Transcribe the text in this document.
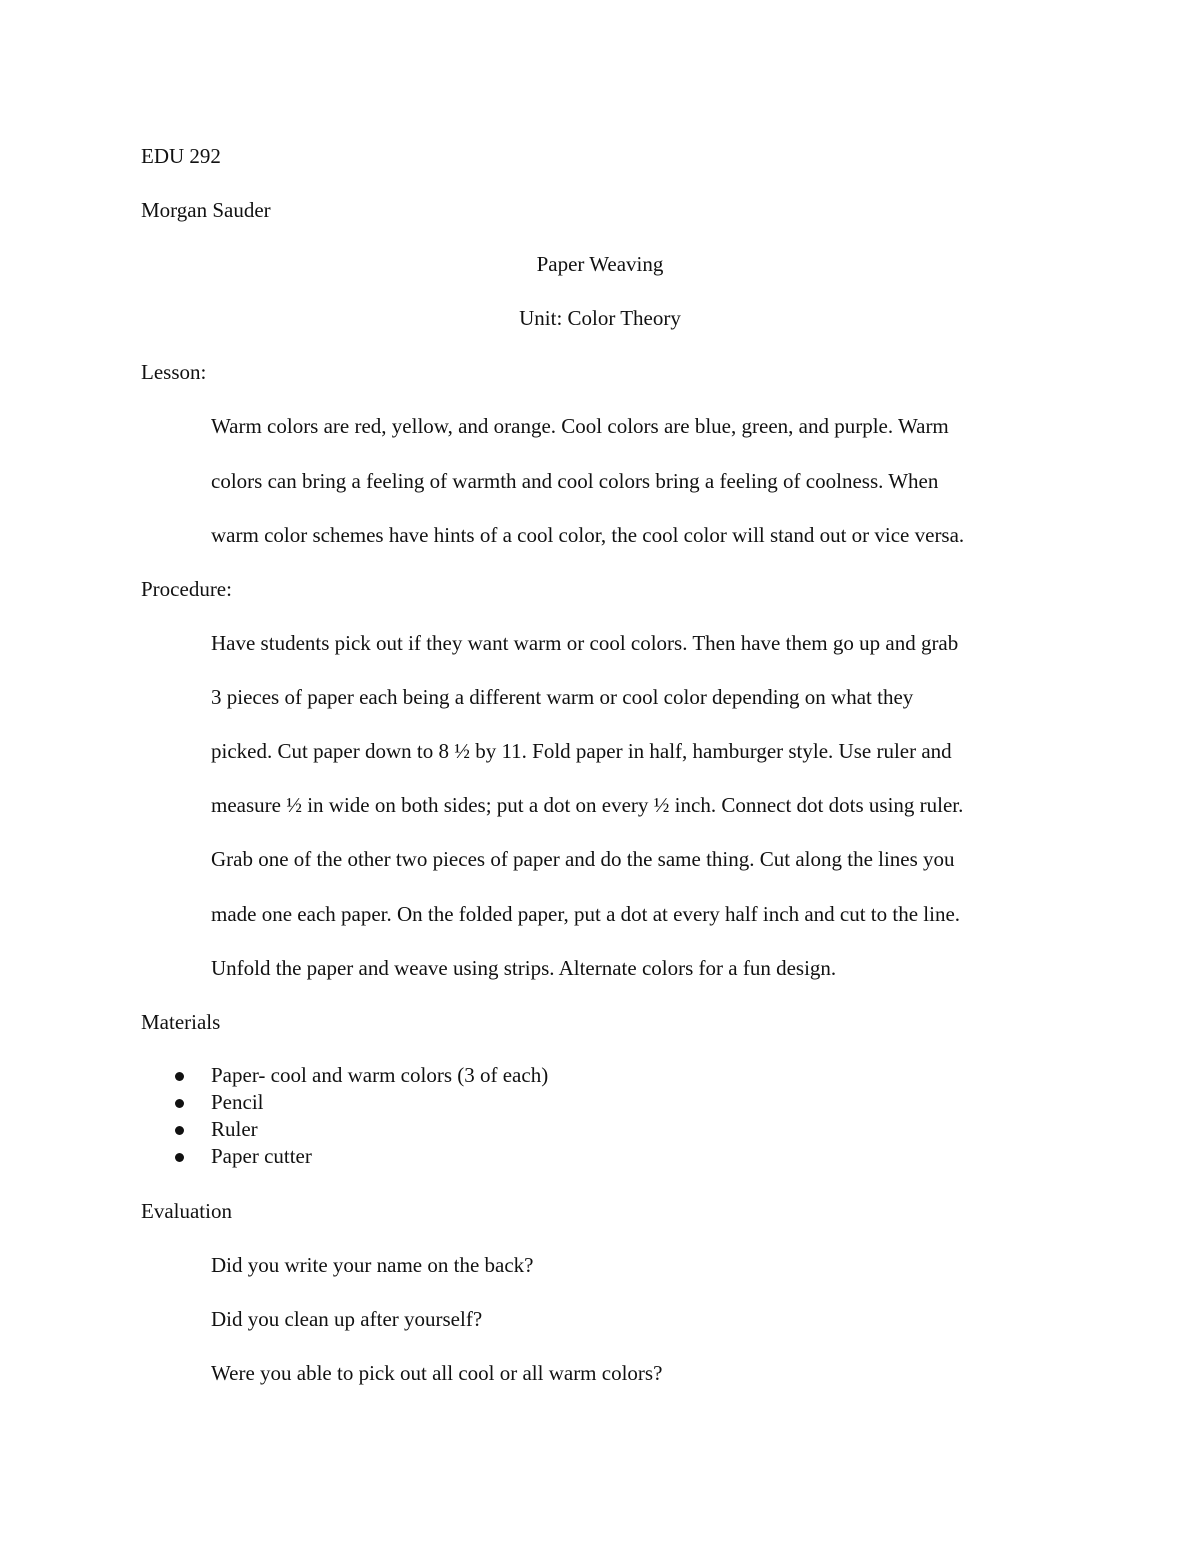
EDU 292

Morgan Sauder

Paper Weaving

Unit: Color Theory

Lesson:

Warm colors are red, yellow, and orange. Cool colors are blue, green, and purple. Warm

colors can bring a feeling of warmth and cool colors bring a feeling of coolness. When

warm color schemes have hints of a cool color, the cool color will stand out or vice versa.

Procedure:

Have students pick out if they want warm or cool colors. Then have them go up and grab

3 pieces of paper each being a different warm or cool color depending on what they

picked. Cut paper down to 8 ½ by 11. Fold paper in half, hamburger style. Use ruler and

measure ½ in wide on both sides; put a dot on every ½ inch. Connect dot dots using ruler.

Grab one of the other two pieces of paper and do the same thing. Cut along the lines you

made one each paper. On the folded paper, put a dot at every half inch and cut to the line.

Unfold the paper and weave using strips. Alternate colors for a fun design.

Materials

Paper- cool and warm colors (3 of each)
Pencil
Ruler
Paper cutter

Evaluation

Did you write your name on the back?

Did you clean up after yourself?

Were you able to pick out all cool or all warm colors?
